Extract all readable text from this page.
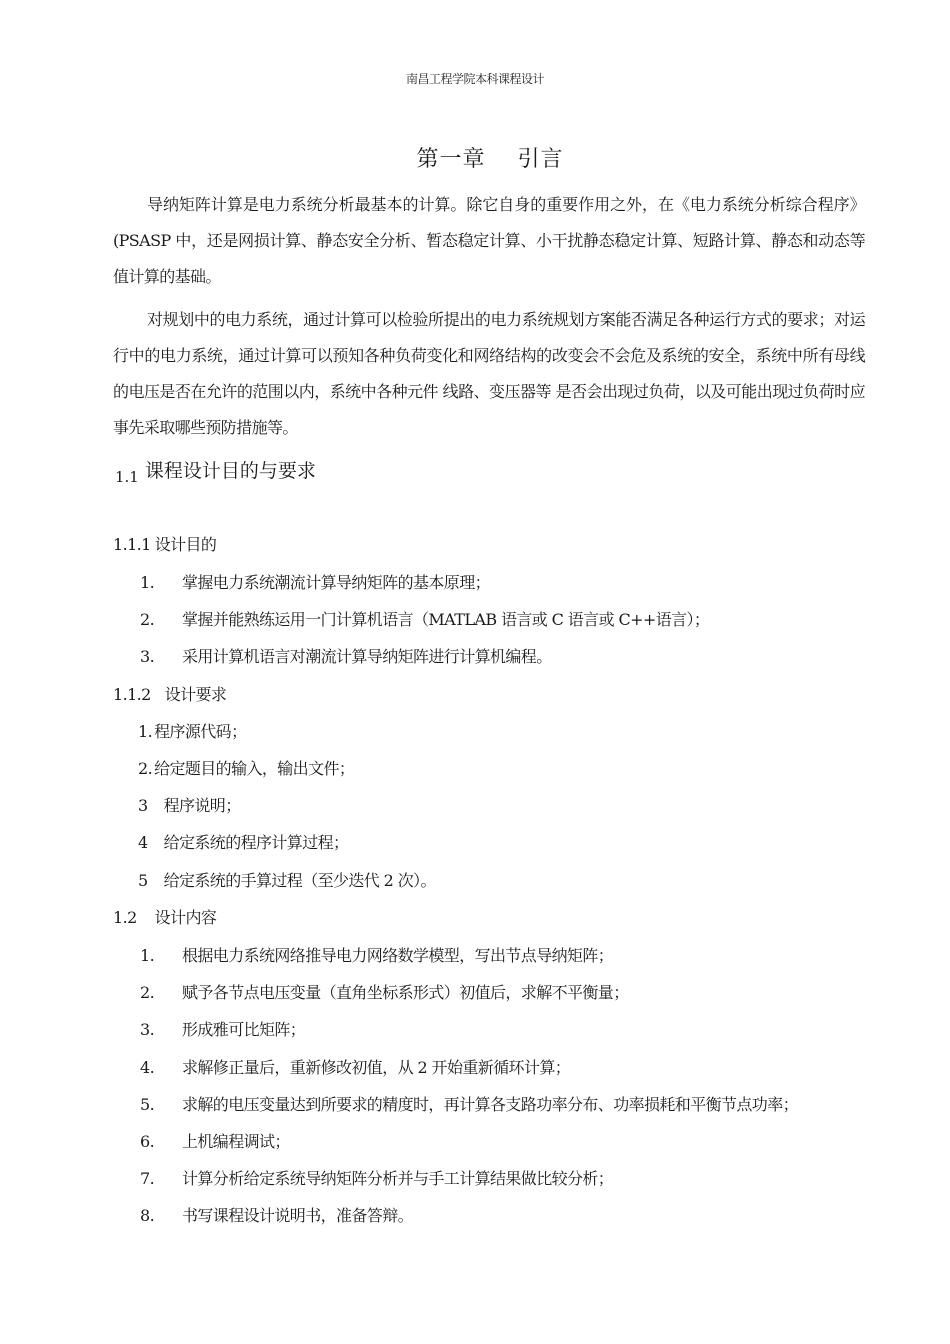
南昌工程学院本科课程设计
第一章    引言

导纳矩阵计算是电力系统分析最基本的计算。除它自身的重要作用之外，在《电力系统分析综合程序》(PSASP 中，还是网损计算、静态安全分析、暂态稳定计算、小干扰静态稳定计算、短路计算、静态和动态等值计算的基础。

对规划中的电力系统，通过计算可以检验所提出的电力系统规划方案能否满足各种运行方式的要求；对运行中的电力系统，通过计算可以预知各种负荷变化和网络结构的改变会不会危及系统的安全，系统中所有母线的电压是否在允许的范围以内，系统中各种元件 线路、变压器等 是否会出现过负荷，以及可能出现过负荷时应事先采取哪些预防措施等。

$_{1.1}$ 课程设计目的与要求
1.1.1 设计目的
1. 掌握电力系统潮流计算导纳矩阵的基本原理；
2. 掌握并能熟练运用一门计算机语言（MATLAB 语言或 C 语言或 C++语言）；
3. 采用计算机语言对潮流计算导纳矩阵进行计算机编程。
1.1.2 设计要求
1. 程序源代码；
2. 给定题目的输入，输出文件；
3 程序说明；
4 给定系统的程序计算过程；
5 给定系统的手算过程（至少迭代 2 次）。
1.2 设计内容
1. 根据电力系统网络推导电力网络数学模型，写出节点导纳矩阵；
2. 赋予各节点电压变量（直角坐标系形式）初值后，求解不平衡量；
3. 形成雅可比矩阵；
4. 求解修正量后，重新修改初值，从 2 开始重新循环计算；
5. 求解的电压变量达到所要求的精度时，再计算各支路功率分布、功率损耗和平衡节点功率；
6. 上机编程调试；
7. 计算分析给定系统导纳矩阵分析并与手工计算结果做比较分析；
8. 书写课程设计说明书，准备答辩。
